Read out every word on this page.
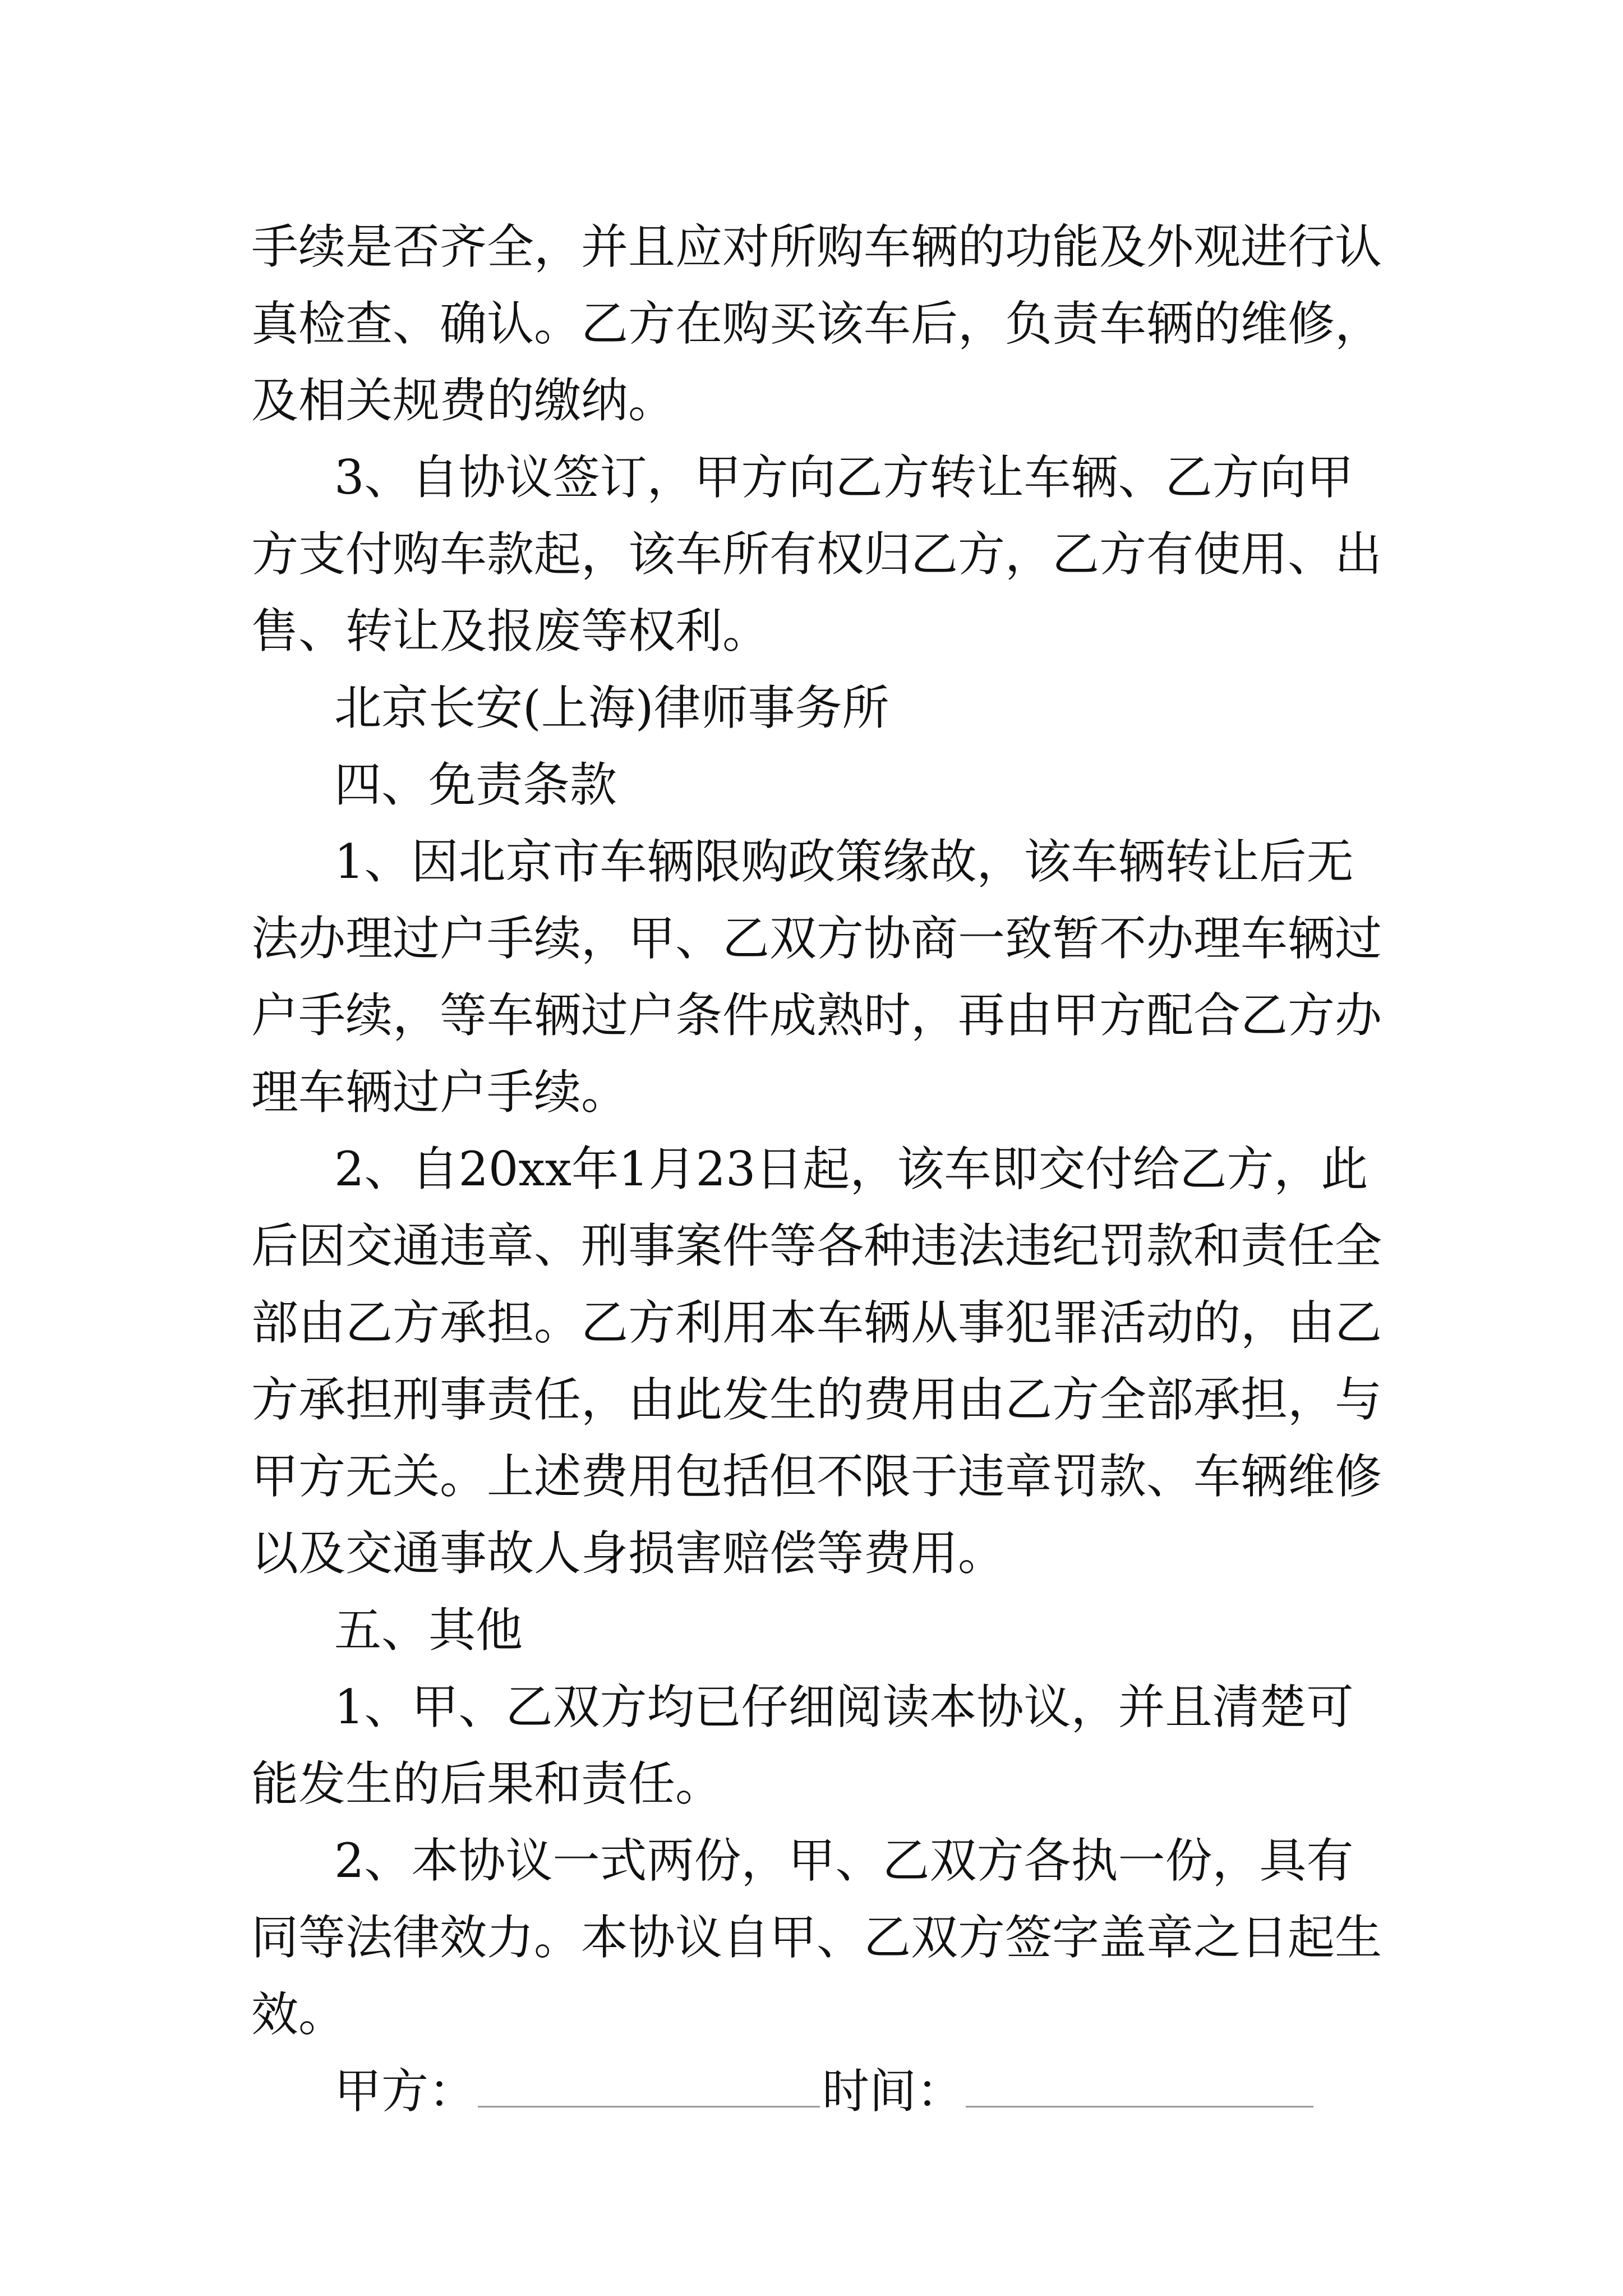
手续是否齐全，并且应对所购车辆的功能及外观进行认真检查、确认。乙方在购买该车后，负责车辆的维修，及相关规费的缴纳。

3、自协议签订，甲方向乙方转让车辆、乙方向甲方支付购车款起，该车所有权归乙方，乙方有使用、出售、转让及报废等权利。

北京长安(上海)律师事务所

四、免责条款

1、因北京市车辆限购政策缘故，该车辆转让后无法办理过户手续，甲、乙双方协商一致暂不办理车辆过户手续，等车辆过户条件成熟时，再由甲方配合乙方办理车辆过户手续。

2、自20xx年1月23日起，该车即交付给乙方，此后因交通违章、刑事案件等各种违法违纪罚款和责任全部由乙方承担。乙方利用本车辆从事犯罪活动的，由乙方承担刑事责任，由此发生的费用由乙方全部承担，与甲方无关。上述费用包括但不限于违章罚款、车辆维修以及交通事故人身损害赔偿等费用。

五、其他

1、甲、乙双方均已仔细阅读本协议，并且清楚可能发生的后果和责任。

2、本协议一式两份，甲、乙双方各执一份，具有同等法律效力。本协议自甲、乙双方签字盖章之日起生效。

甲方：	时间：
